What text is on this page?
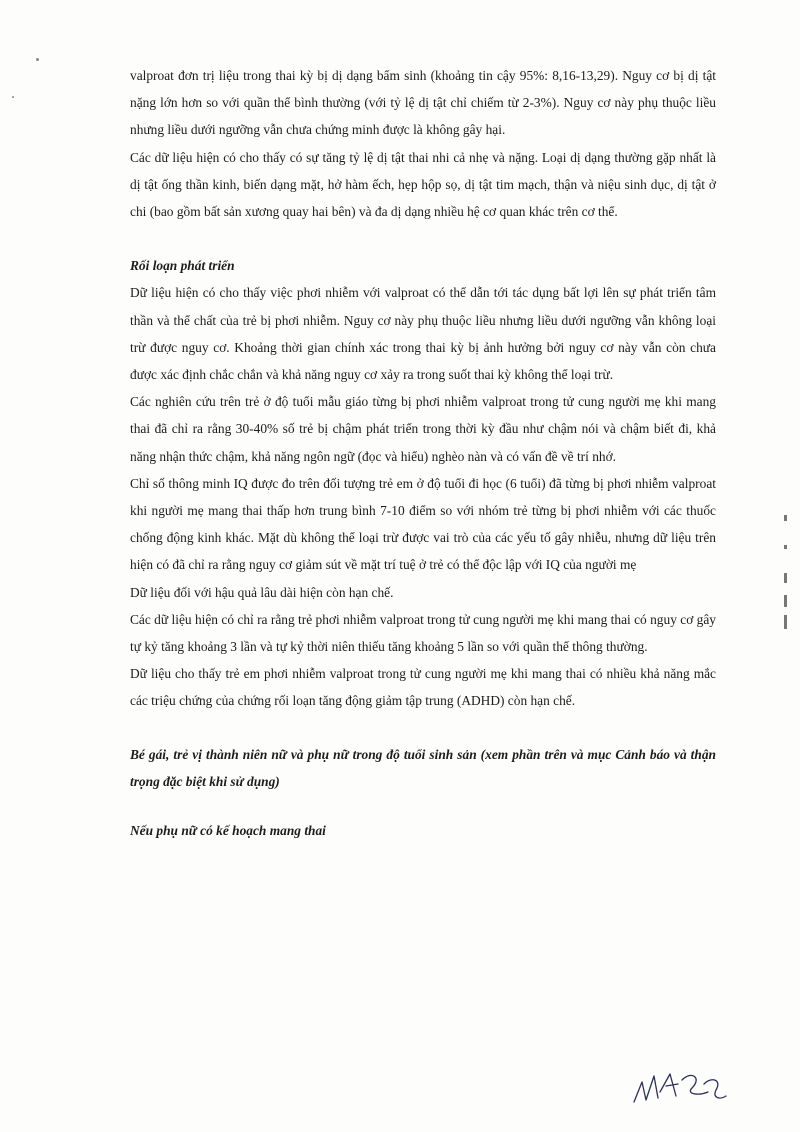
valproat đơn trị liệu trong thai kỳ bị dị dạng bẩm sinh (khoảng tin cậy 95%: 8,16-13,29). Nguy cơ bị dị tật nặng lớn hơn so với quần thể bình thường (với tỷ lệ dị tật chỉ chiếm từ 2-3%). Nguy cơ này phụ thuộc liều nhưng liều dưới ngưỡng vẫn chưa chứng minh được là không gây hại.

Các dữ liệu hiện có cho thấy có sự tăng tỷ lệ dị tật thai nhi cả nhẹ và nặng. Loại dị dạng thường gặp nhất là dị tật ống thần kinh, biến dạng mặt, hở hàm ếch, hẹp hộp sọ, dị tật tim mạch, thận và niệu sinh dục, dị tật ở chi (bao gồm bất sản xương quay hai bên) và đa dị dạng nhiều hệ cơ quan khác trên cơ thể.

Rối loạn phát triển

Dữ liệu hiện có cho thấy việc phơi nhiễm với valproat có thể dẫn tới tác dụng bất lợi lên sự phát triển tâm thần và thể chất của trẻ bị phơi nhiễm. Nguy cơ này phụ thuộc liều nhưng liều dưới ngưỡng vẫn không loại trừ được nguy cơ. Khoảng thời gian chính xác trong thai kỳ bị ảnh hưởng bởi nguy cơ này vẫn còn chưa được xác định chắc chắn và khả năng nguy cơ xảy ra trong suốt thai kỳ không thể loại trừ.

Các nghiên cứu trên trẻ ở độ tuổi mẫu giáo từng bị phơi nhiễm valproat trong tử cung người mẹ khi mang thai đã chỉ ra rằng 30-40% số trẻ bị chậm phát triển trong thời kỳ đầu như chậm nói và chậm biết đi, khả năng nhận thức chậm, khả năng ngôn ngữ (đọc và hiểu) nghèo nàn và có vấn đề về trí nhớ.

Chỉ số thông minh IQ được đo trên đối tượng trẻ em ở độ tuổi đi học (6 tuổi) đã từng bị phơi nhiễm valproat khi người mẹ mang thai thấp hơn trung bình 7-10 điểm so với nhóm trẻ từng bị phơi nhiễm với các thuốc chống động kinh khác. Mặt dù không thể loại trừ được vai trò của các yếu tố gây nhiễu, nhưng dữ liệu trên hiện có đã chỉ ra rằng nguy cơ giảm sút về mặt trí tuệ ở trẻ có thể độc lập với IQ của người mẹ

Dữ liệu đối với hậu quả lâu dài hiện còn hạn chế.

Các dữ liệu hiện có chỉ ra rằng trẻ phơi nhiễm valproat trong tử cung người mẹ khi mang thai có nguy cơ gây tự kỷ tăng khoảng 3 lần và tự kỷ thời niên thiếu tăng khoảng 5 lần so với quần thể thông thường.

Dữ liệu cho thấy trẻ em phơi nhiễm valproat trong tử cung người mẹ khi mang thai có nhiều khả năng mắc các triệu chứng của chứng rối loạn tăng động giảm tập trung (ADHD) còn hạn chế.

Bé gái, trẻ vị thành niên nữ và phụ nữ trong độ tuổi sinh sản (xem phần trên và mục Cảnh báo và thận trọng đặc biệt khi sử dụng)

Nếu phụ nữ có kế hoạch mang thai
